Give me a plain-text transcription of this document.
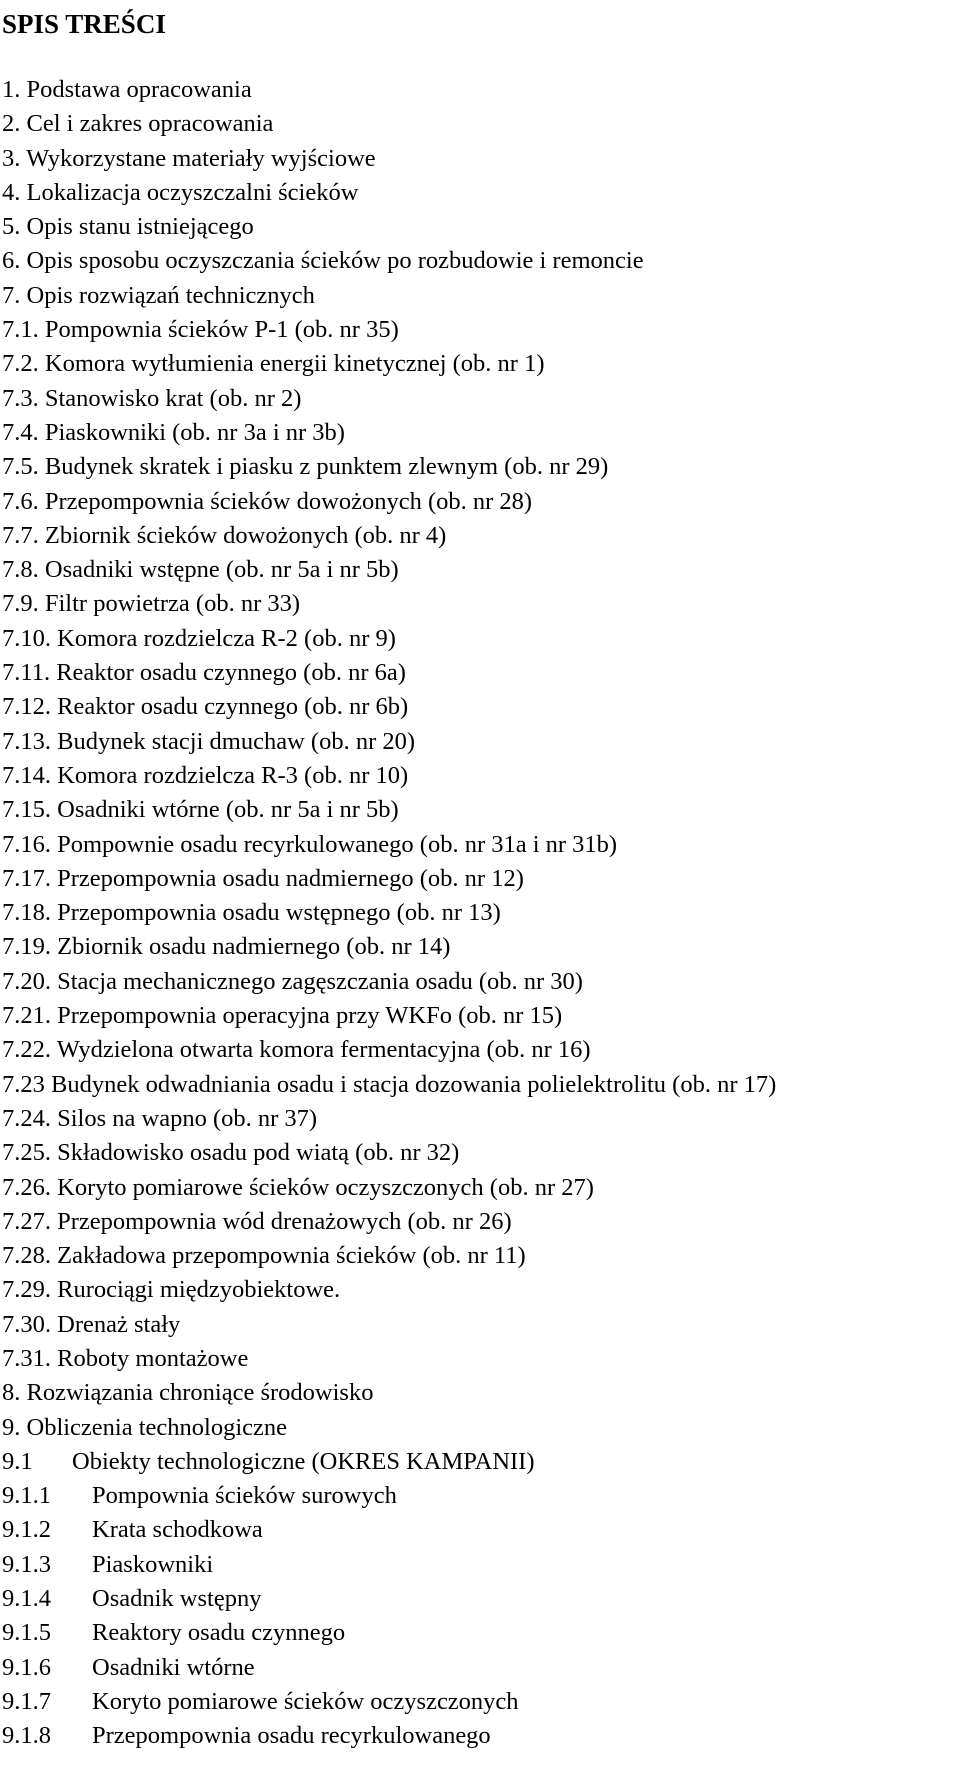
SPIS TREŚCI
1. Podstawa opracowania
2. Cel i zakres opracowania
3. Wykorzystane materiały wyjściowe
4. Lokalizacja oczyszczalni ścieków
5. Opis stanu istniejącego
6. Opis sposobu oczyszczania ścieków po rozbudowie i remoncie
7. Opis rozwiązań technicznych
7.1. Pompownia ścieków P-1 (ob. nr 35)
7.2. Komora wytłumienia energii kinetycznej (ob. nr 1)
7.3. Stanowisko krat (ob. nr 2)
7.4. Piaskowniki (ob. nr 3a i nr 3b)
7.5. Budynek skratek i piasku z punktem zlewnym (ob. nr 29)
7.6. Przepompownia ścieków dowożonych (ob. nr 28)
7.7. Zbiornik ścieków dowożonych (ob. nr 4)
7.8. Osadniki wstępne (ob. nr 5a i nr 5b)
7.9. Filtr powietrza (ob. nr 33)
7.10. Komora rozdzielcza R-2 (ob. nr 9)
7.11. Reaktor osadu czynnego (ob. nr 6a)
7.12. Reaktor osadu czynnego (ob. nr 6b)
7.13. Budynek stacji dmuchaw (ob. nr 20)
7.14. Komora rozdzielcza R-3 (ob. nr 10)
7.15. Osadniki wtórne (ob. nr 5a i nr 5b)
7.16. Pompownie osadu recyrkulowanego (ob. nr 31a i nr 31b)
7.17. Przepompownia osadu nadmiernego (ob. nr 12)
7.18. Przepompownia osadu wstępnego (ob. nr 13)
7.19. Zbiornik osadu nadmiernego (ob. nr 14)
7.20. Stacja mechanicznego zagęszczania osadu (ob. nr 30)
7.21. Przepompownia operacyjna przy WKFo (ob. nr 15)
7.22. Wydzielona otwarta komora fermentacyjna (ob. nr 16)
7.23 Budynek odwadniania osadu i stacja dozowania polielektrolitu (ob. nr 17)
7.24. Silos na wapno (ob. nr 37)
7.25. Składowisko osadu pod wiatą (ob. nr 32)
7.26. Koryto pomiarowe ścieków oczyszczonych (ob. nr 27)
7.27. Przepompownia wód drenażowych (ob. nr 26)
7.28. Zakładowa przepompownia ścieków (ob. nr 11)
7.29. Rurociągi międzyobiektowe.
7.30. Drenaż stały
7.31. Roboty montażowe
8. Rozwiązania chroniące środowisko
9. Obliczenia technologiczne
9.1 Obiekty technologiczne (OKRES KAMPANII)
9.1.1 Pompownia ścieków surowych
9.1.2 Krata schodkowa
9.1.3 Piaskowniki
9.1.4 Osadnik wstępny
9.1.5 Reaktory osadu czynnego
9.1.6 Osadniki wtórne
9.1.7 Koryto pomiarowe ścieków oczyszczonych
9.1.8 Przepompownia osadu recyrkulowanego
